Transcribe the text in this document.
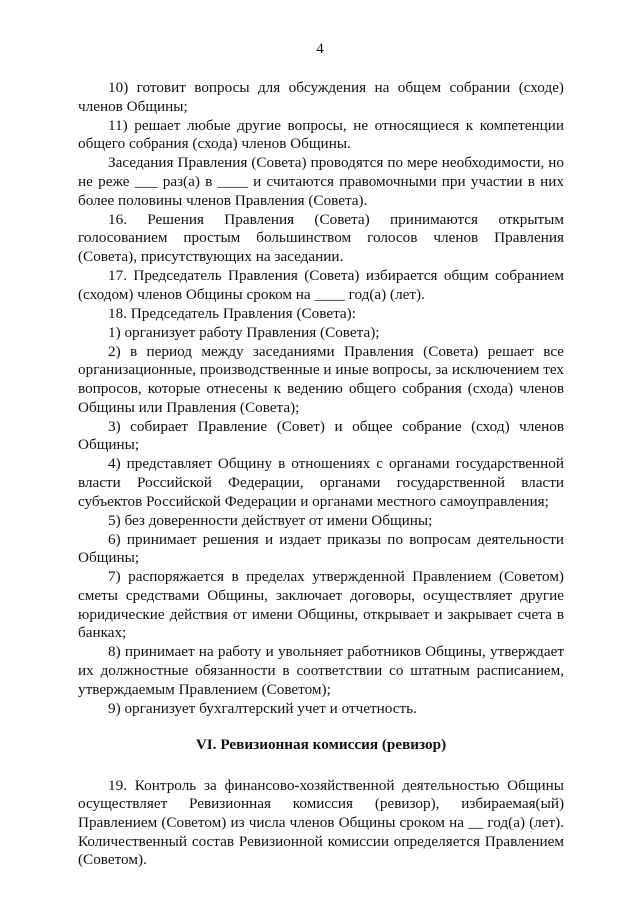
4

10) готовит вопросы для обсуждения на общем собрании (сходе) членов Общины;

11) решает любые другие вопросы, не относящиеся к компетенции общего собрания (схода) членов Общины.

Заседания Правления (Совета) проводятся по мере необходимости, но не реже ___ раз(а) в ____ и считаются правомочными при участии в них более половины членов Правления (Совета).

16. Решения Правления (Совета) принимаются открытым голосованием простым большинством голосов членов Правления (Совета), присутствующих на заседании.

17. Председатель Правления (Совета) избирается общим собранием (сходом) членов Общины сроком на ____ год(а) (лет).

18. Председатель Правления (Совета):

1) организует работу Правления (Совета);

2) в период между заседаниями Правления (Совета) решает все организационные, производственные и иные вопросы, за исключением тех вопросов, которые отнесены к ведению общего собрания (схода) членов Общины или Правления (Совета);

3) собирает Правление (Совет) и общее собрание (сход) членов Общины;

4) представляет Общину в отношениях с органами государственной власти Российской Федерации, органами государственной власти субъектов Российской Федерации и органами местного самоуправления;

5) без доверенности действует от имени Общины;

6) принимает решения и издает приказы по вопросам деятельности Общины;

7) распоряжается в пределах утвержденной Правлением (Советом) сметы средствами Общины, заключает договоры, осуществляет другие юридические действия от имени Общины, открывает и закрывает счета в банках;

8) принимает на работу и увольняет работников Общины, утверждает их должностные обязанности в соответствии со штатным расписанием, утверждаемым Правлением (Советом);

9) организует бухгалтерский учет и отчетность.

VI. Ревизионная комиссия (ревизор)

19. Контроль за финансово-хозяйственной деятельностью Общины осуществляет Ревизионная комиссия (ревизор), избираемая(ый) Правлением (Советом) из числа членов Общины сроком на __ год(а) (лет). Количественный состав Ревизионной комиссии определяется Правлением (Советом).
